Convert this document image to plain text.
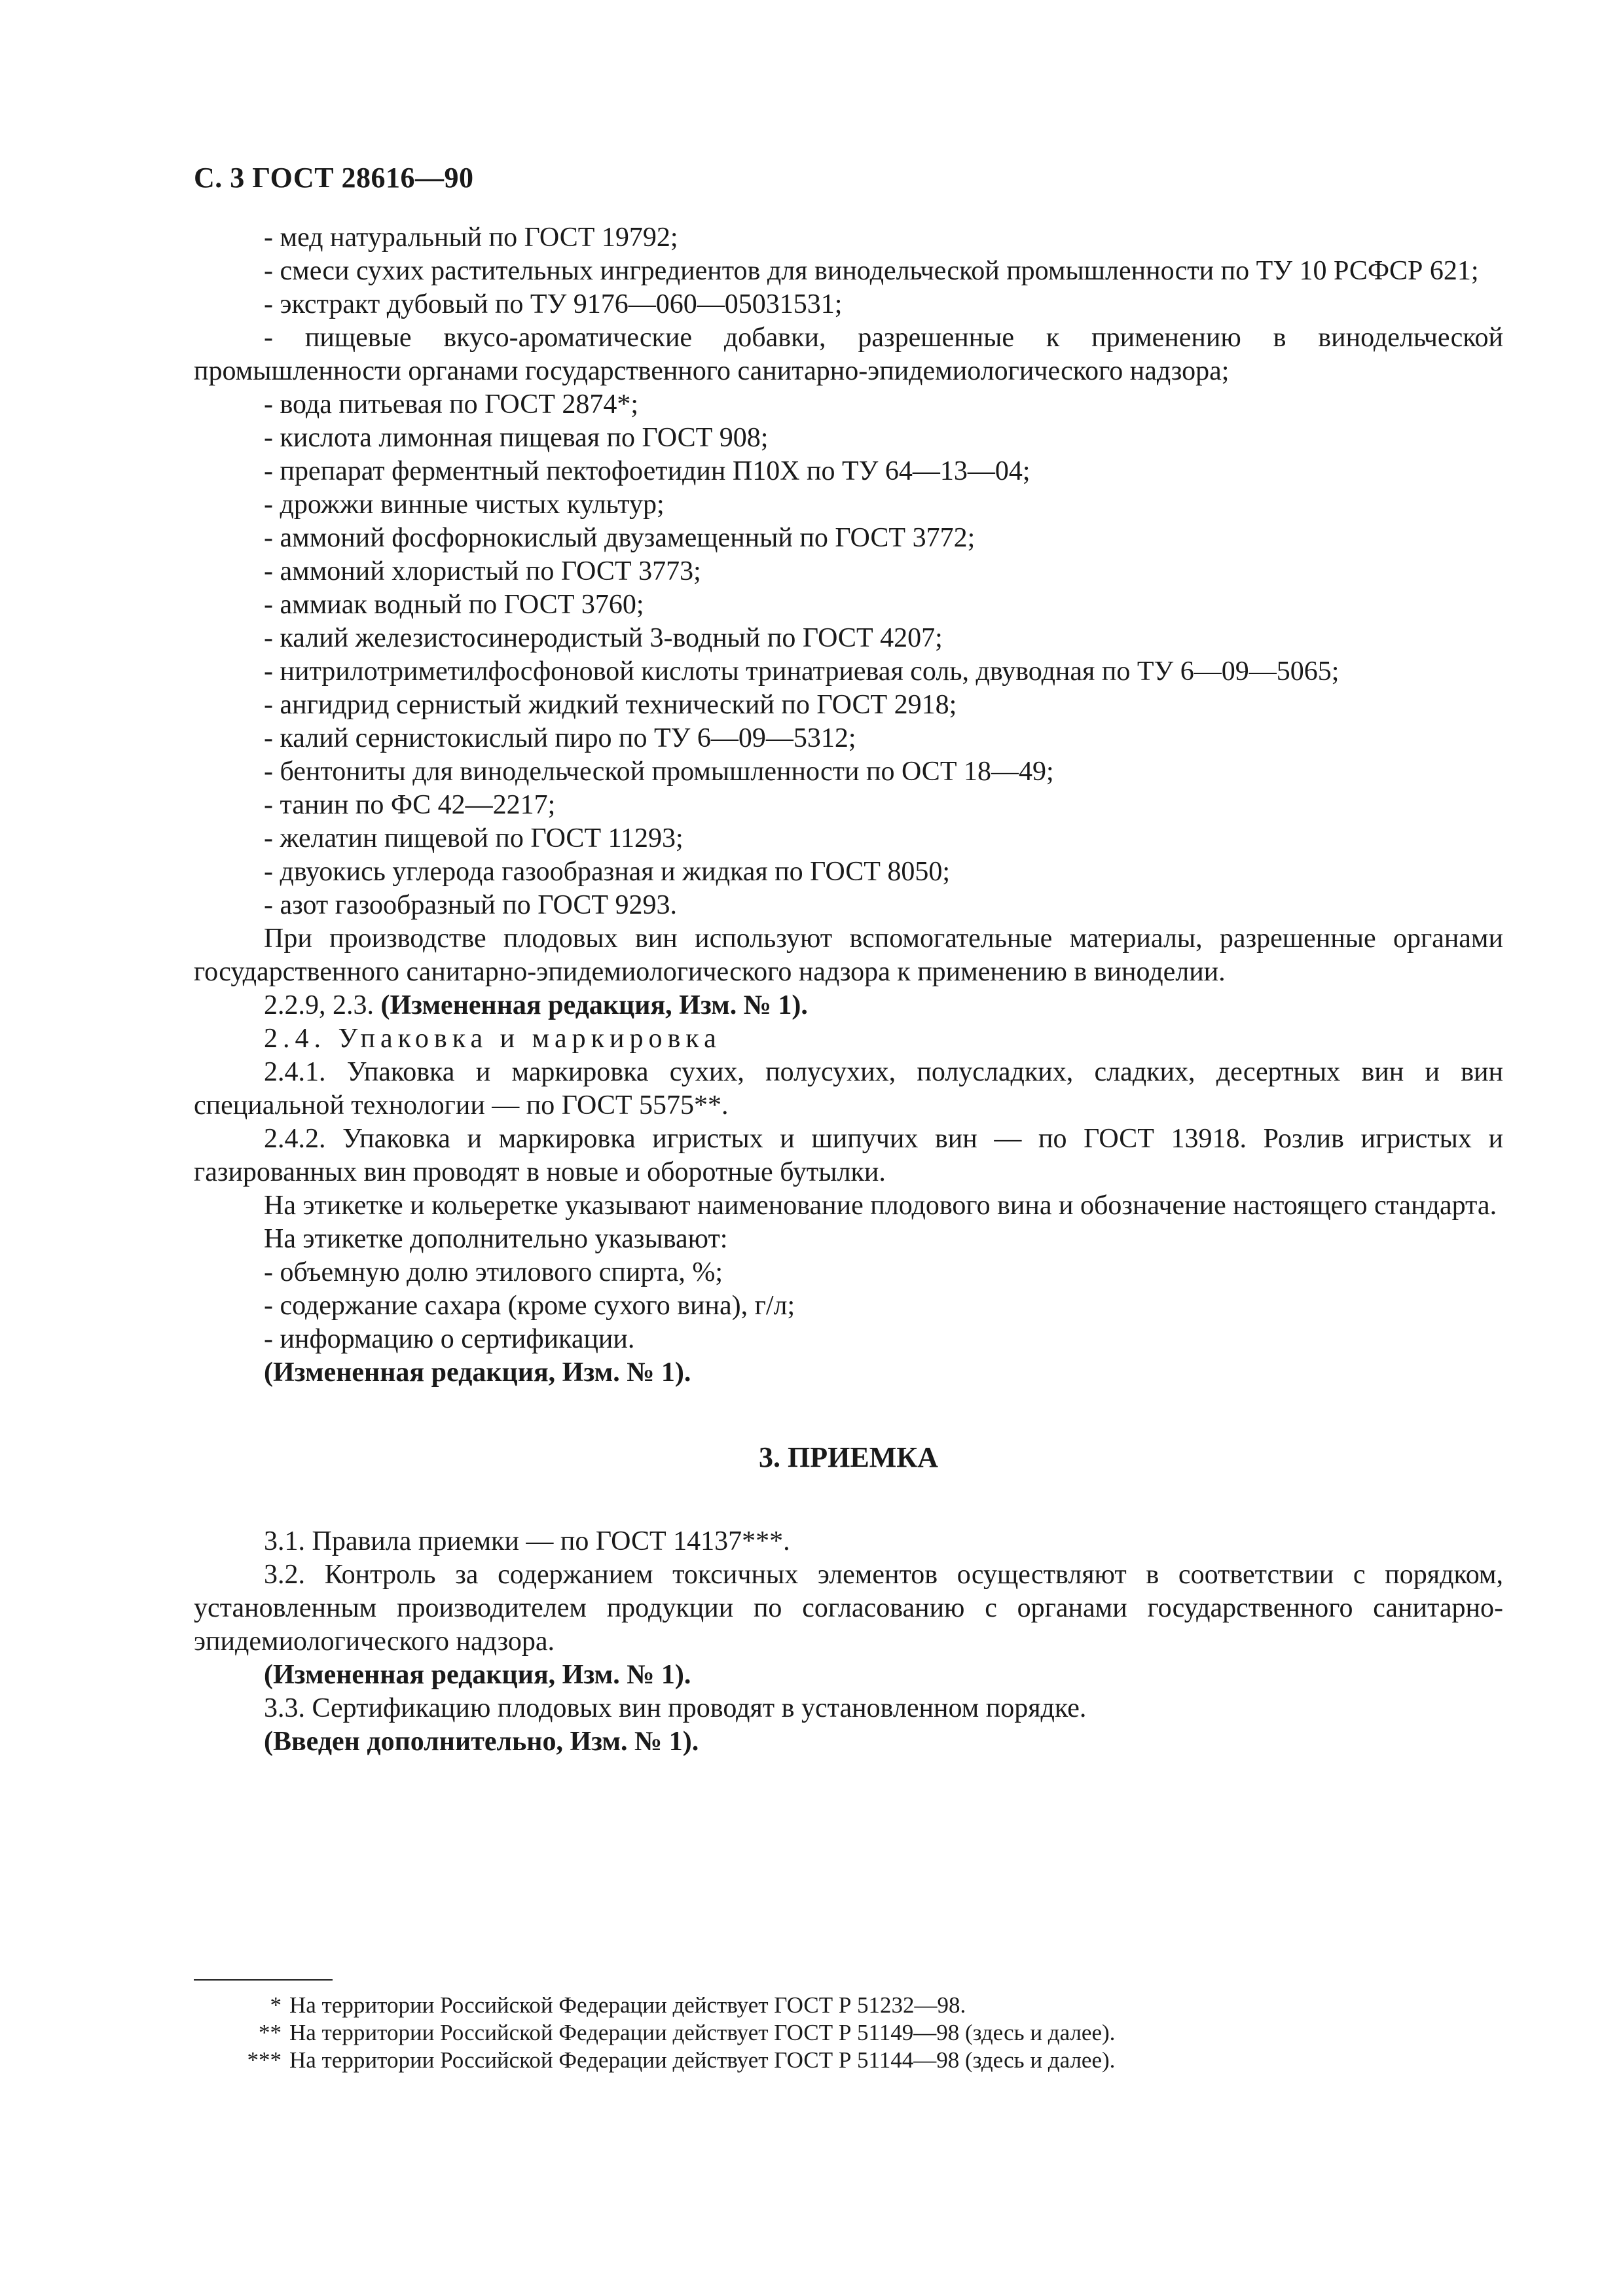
С. 3 ГОСТ 28616—90

- мед натуральный по ГОСТ 19792;

- смеси сухих растительных ингредиентов для винодельческой промышленности по ТУ 10 РСФСР 621;

- экстракт дубовый по ТУ 9176—060—05031531;

- пищевые вкусо-ароматические добавки, разрешенные к применению в винодельческой промышленности органами государственного санитарно-эпидемиологического надзора;

- вода питьевая по ГОСТ 2874*;

- кислота лимонная пищевая по ГОСТ 908;

- препарат ферментный пектофоетидин П10Х по ТУ 64—13—04;

- дрожжи винные чистых культур;

- аммоний фосфорнокислый двузамещенный по ГОСТ 3772;

- аммоний хлористый по ГОСТ 3773;

- аммиак водный по ГОСТ 3760;

- калий железистосинеродистый 3-водный по ГОСТ 4207;

- нитрилотриметилфосфоновой кислоты тринатриевая соль, двуводная по ТУ 6—09—5065;

- ангидрид сернистый жидкий технический по ГОСТ 2918;

- калий сернистокислый пиро по ТУ 6—09—5312;

- бентониты для винодельческой промышленности по ОСТ 18—49;

- танин по ФС 42—2217;

- желатин пищевой по ГОСТ 11293;

- двуокись углерода газообразная и жидкая по ГОСТ 8050;

- азот газообразный по ГОСТ 9293.

При производстве плодовых вин используют вспомогательные материалы, разрешенные органами государственного санитарно-эпидемиологического надзора к применению в виноделии.

2.2.9, 2.3. (Измененная редакция, Изм. № 1).

2.4. Упаковка и маркировка

2.4.1. Упаковка и маркировка сухих, полусухих, полусладких, сладких, десертных вин и вин специальной технологии — по ГОСТ 5575**.

2.4.2. Упаковка и маркировка игристых и шипучих вин — по ГОСТ 13918. Розлив игристых и газированных вин проводят в новые и оборотные бутылки.

На этикетке и кольеретке указывают наименование плодового вина и обозначение настоящего стандарта.

На этикетке дополнительно указывают:

- объемную долю этилового спирта, %;

- содержание сахара (кроме сухого вина), г/л;

- информацию о сертификации.

(Измененная редакция, Изм. № 1).

3. ПРИЕМКА

3.1. Правила приемки — по ГОСТ 14137***.

3.2. Контроль за содержанием токсичных элементов осуществляют в соответствии с порядком, установленным производителем продукции по согласованию с органами государственного санитарно-эпидемиологического надзора.

(Измененная редакция, Изм. № 1).

3.3. Сертификацию плодовых вин проводят в установленном порядке.

(Введен дополнительно, Изм. № 1).

* На территории Российской Федерации действует ГОСТ Р 51232—98.

** На территории Российской Федерации действует ГОСТ Р 51149—98 (здесь и далее).

*** На территории Российской Федерации действует ГОСТ Р 51144—98 (здесь и далее).
